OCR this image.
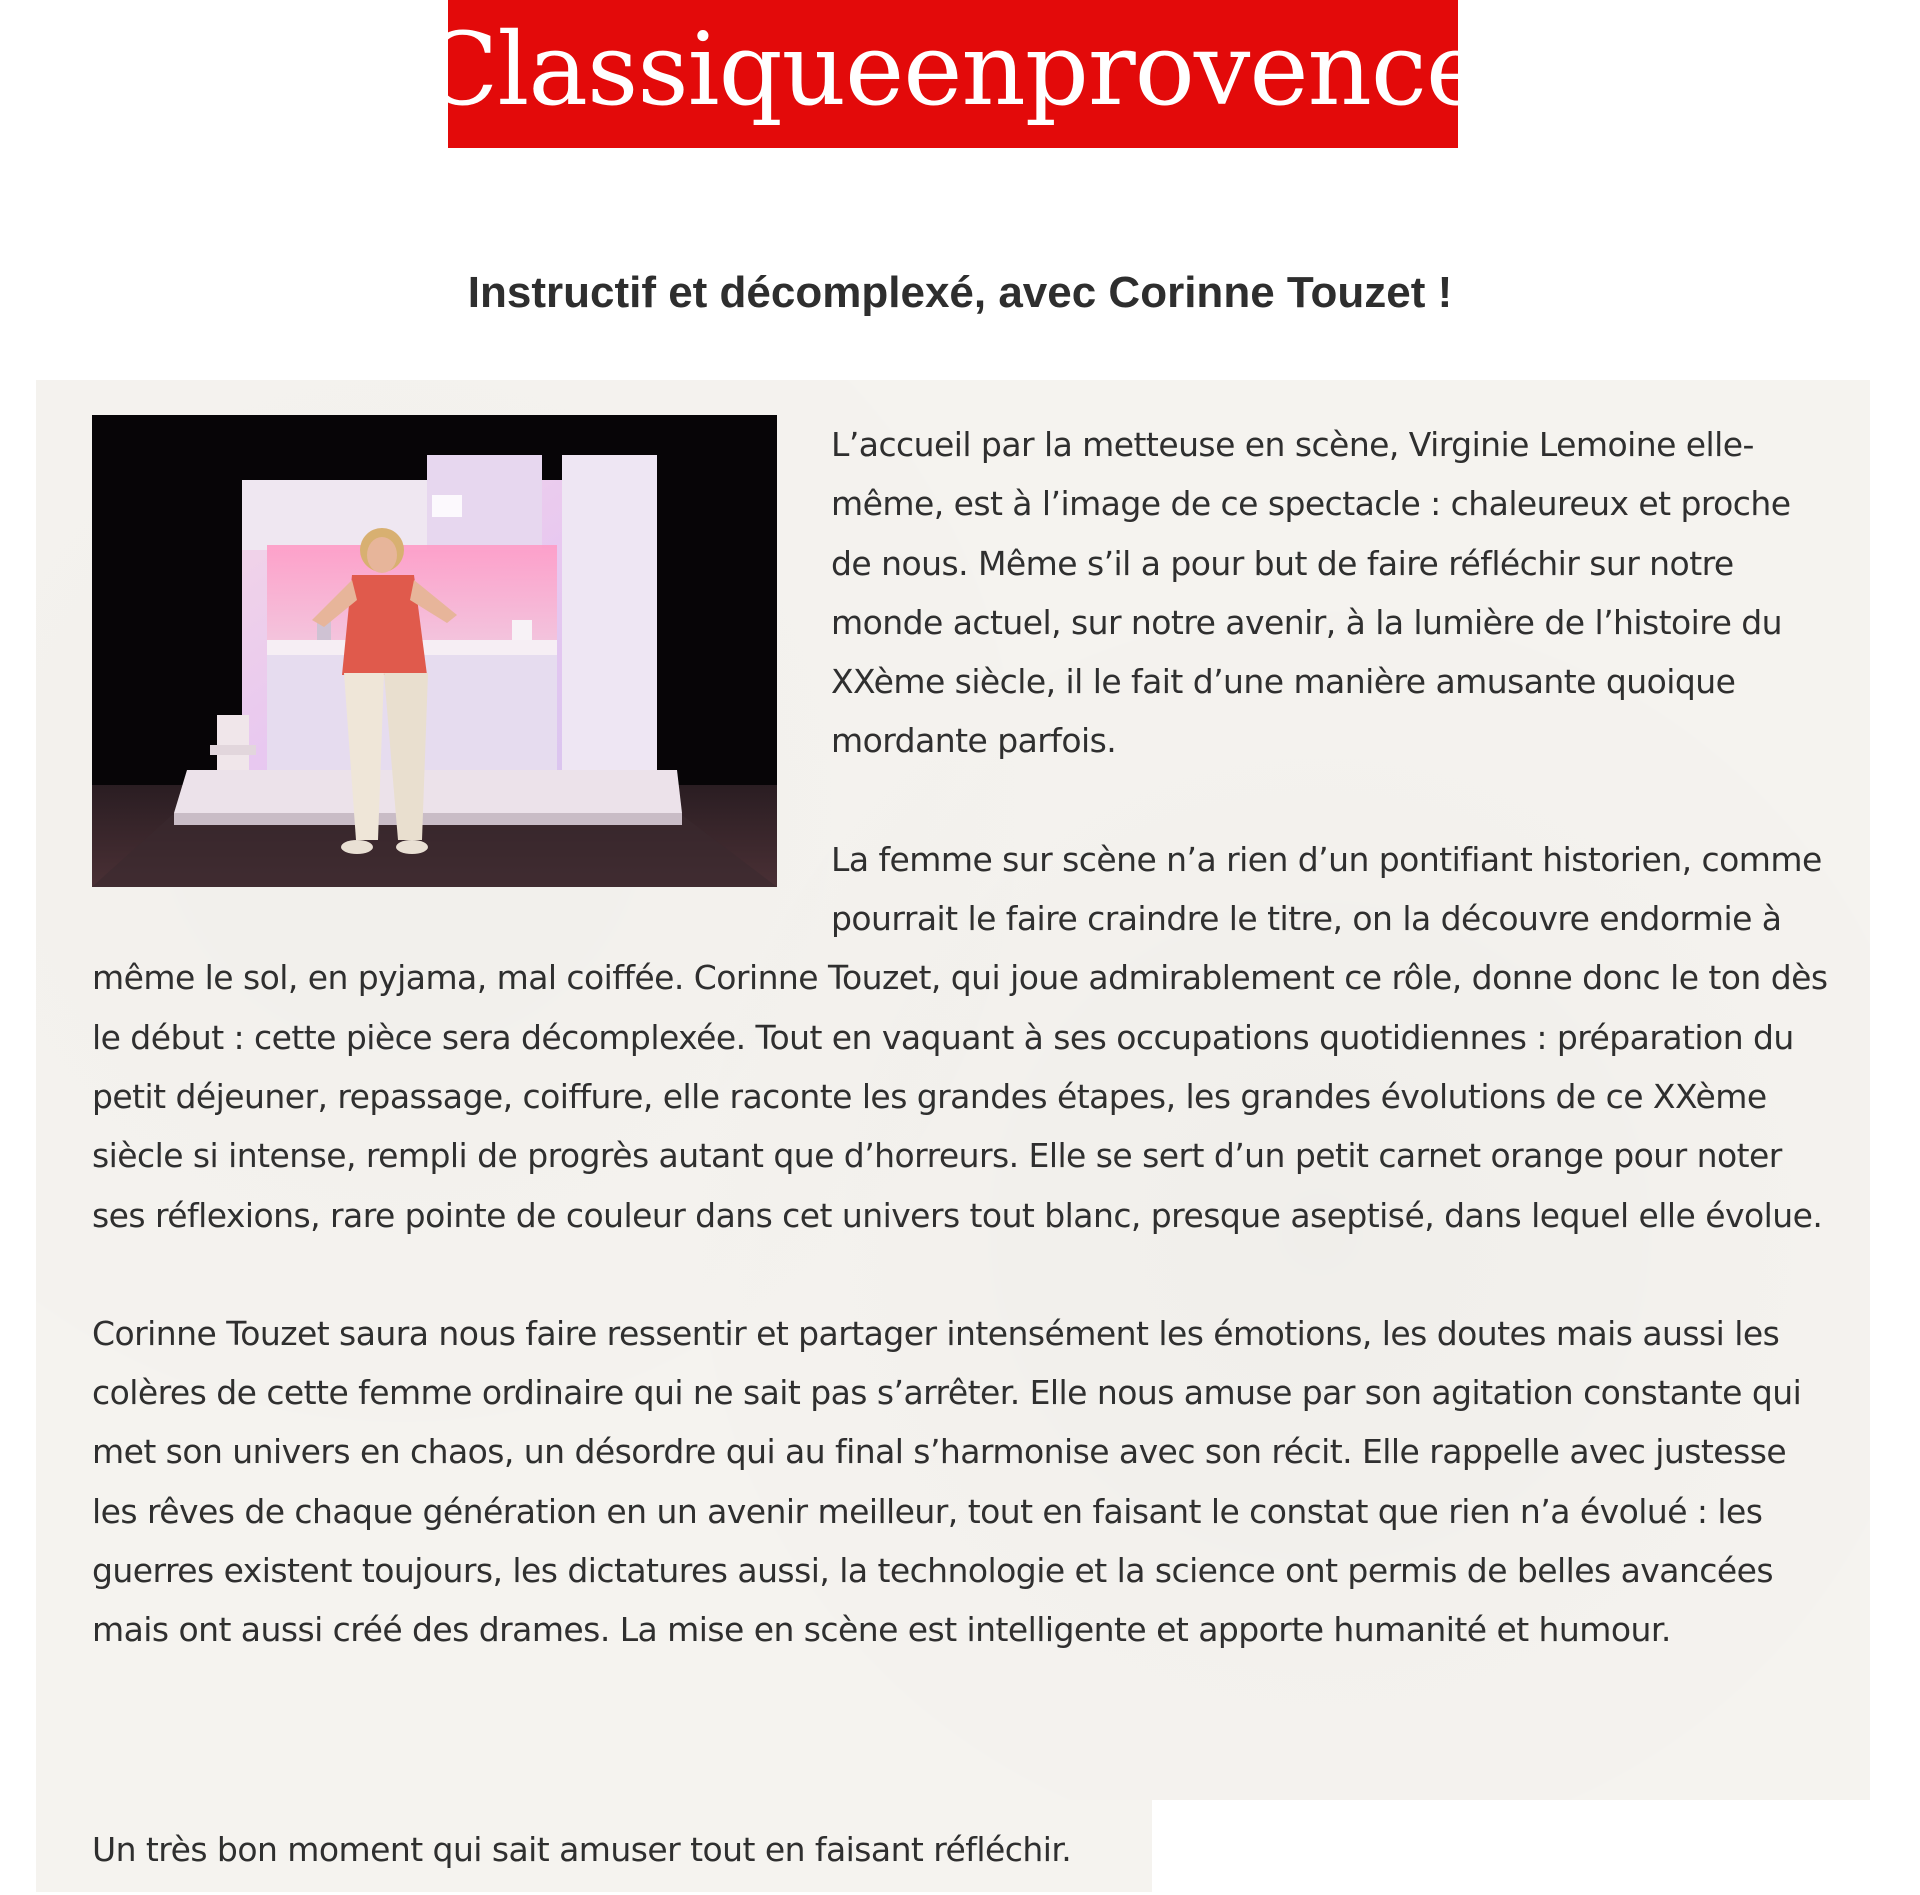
Classiqueenprovence
Instructif et décomplexé, avec Corinne Touzet !

L’accueil par la metteuse en scène, Virginie Lemoine elle-même, est à l’image de ce spectacle : chaleureux et proche de nous. Même s’il a pour but de faire réfléchir sur notre monde actuel, sur notre avenir, à la lumière de l’histoire du XXème siècle, il le fait d’une manière amusante quoique mordante parfois.

La femme sur scène n’a rien d’un pontifiant historien, comme pourrait le faire craindre le titre, on la découvre endormie à même le sol, en pyjama, mal coiffée. Corinne Touzet, qui joue admirablement ce rôle, donne donc le ton dès le début : cette pièce sera décomplexée. Tout en vaquant à ses occupations quotidiennes : préparation du petit déjeuner, repassage, coiffure, elle raconte les grandes étapes, les grandes évolutions de ce XXème siècle si intense, rempli de progrès autant que d’horreurs. Elle se sert d’un petit carnet orange pour noter ses réflexions, rare pointe de couleur dans cet univers tout blanc, presque aseptisé, dans lequel elle évolue.

Corinne Touzet saura nous faire ressentir et partager intensément les émotions, les doutes mais aussi les colères de cette femme ordinaire qui ne sait pas s’arrêter. Elle nous amuse par son agitation constante qui met son univers en chaos, un désordre qui au final s’harmonise avec son récit. Elle rappelle avec justesse les rêves de chaque génération en un avenir meilleur, tout en faisant le constat que rien n’a évolué : les guerres existent toujours, les dictatures aussi, la technologie et la science ont permis de belles avancées mais ont aussi créé des drames. La mise en scène est intelligente et apporte humanité et humour.

Un très bon moment qui sait amuser tout en faisant réfléchir.
